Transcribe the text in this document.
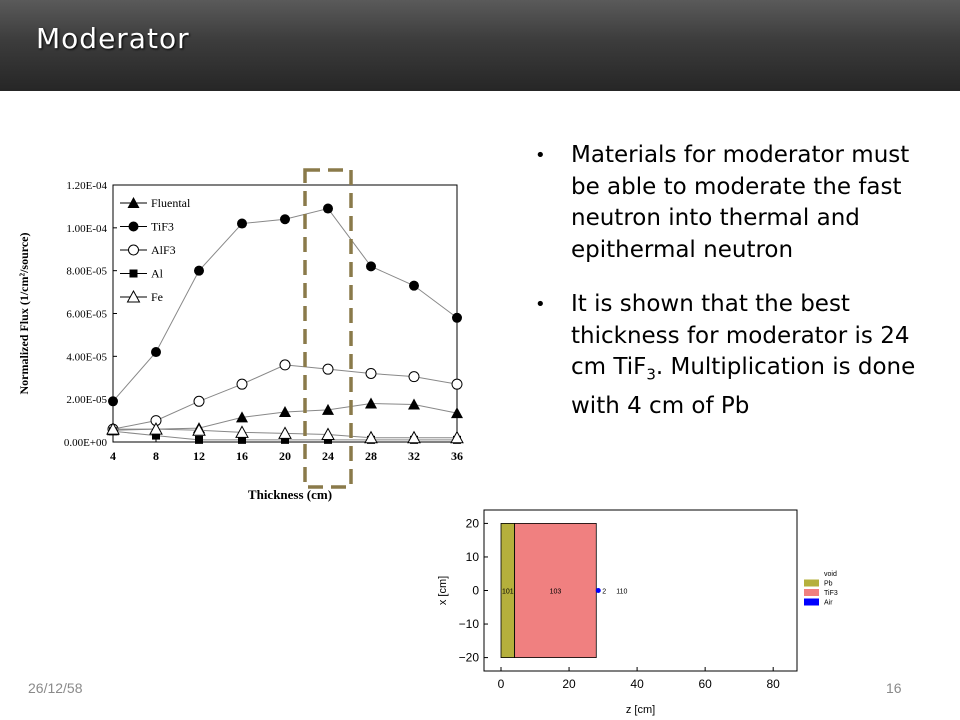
Moderator
0.00E+00
2.00E-05
4.00E-05
6.00E-05
8.00E-05
1.00E-04
1.20E-04
4	8	12	16	20	24	28	32	36
Thickness (cm)
Normalized Flux (1/cm²/source)
Fluental
TiF3
AlF3
Al
Fe
• Materials for moderator must be able to moderate the fast neutron into thermal and epithermal neutron
• It is shown that the best thickness for moderator is 24 cm TiF$_3$. Multiplication is done with 4 cm of Pb
101	103	2 110
0	20	40	60	80
20
10
0
−10
−20
z [cm]
x [cm]
void
Pb
TiF3
Air
26/12/58	16
